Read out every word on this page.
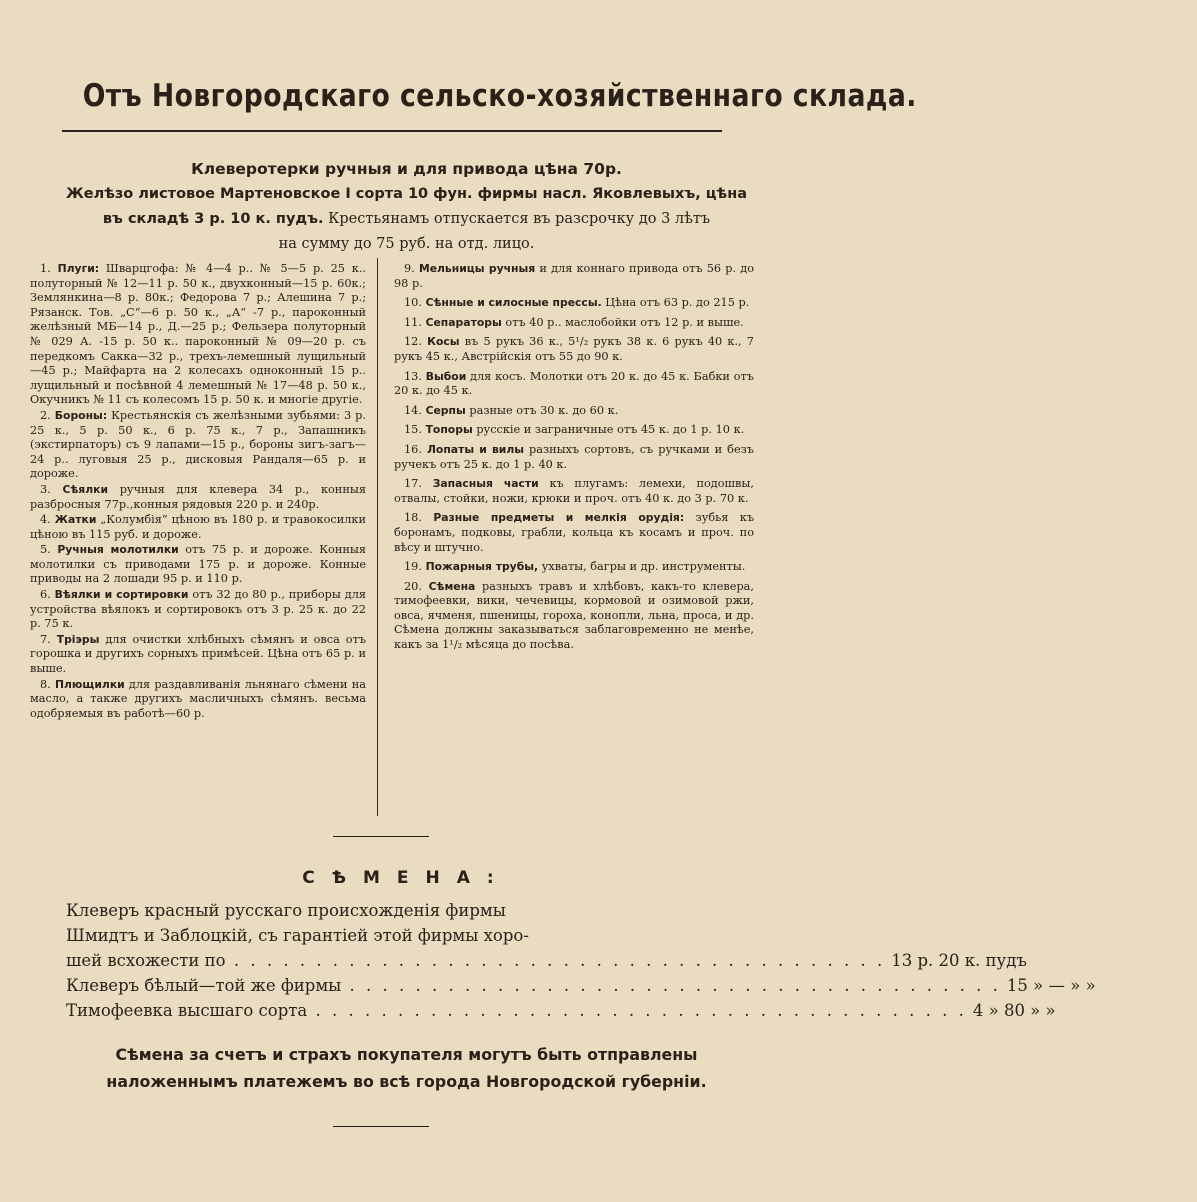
Отъ Новгородскаго сельско-хозяйственнаго склада.
Клеверотерки ручныя и для привода цѣна 70р.
Желѣзо листовое Мартеновское I сорта 10 фун. фирмы насл. Яковлевыхъ, цѣна
въ складѣ 3 р. 10 к. пудъ. Крестьянамъ отпускается въ разсрочку до 3 лѣтъ
на сумму до 75 руб. на отд. лицо.

1. Плуги: Шварцгофа: № 4—4 р.. № 5—5 р. 25 к.. полуторный № 12—11 р. 50 к., двухконный—15 р. 60к.; Землянкина—8 р. 80к.; Федорова 7 р.; Алешина 7 р.; Рязанск. Тов. „С“—6 р. 50 к., „А“ -7 р., пароконный желѣзный МБ—14 р., Д.—25 р.; Фельзера полуторный № 029 А. -15 р. 50 к.. пароконный № 09—20 р. съ передкомъ Сакка—32 р., трехъ-лемешный лущильный—45 р.; Майфарта на 2 колесахъ одноконный 15 р.. лущильный и посѣвной 4 лемешный № 17—48 р. 50 к., Окучникъ № 11 съ колесомъ 15 р. 50 к. и многіе другіе.

2. Бороны: Крестьянскія съ желѣзными зубьями: 3 р. 25 к., 5 р. 50 к., 6 р. 75 к., 7 р., Запашникъ (экстирпаторъ) съ 9 лапами—15 р., бороны зигъ-загъ—24 р.. луговыя 25 р., дисковыя Рандаля—65 р. и дороже.

3. Сѣялки ручныя для клевера 34 р., конныя разбросныя 77р.,конныя рядовыя 220 р. и 240р.

4. Жатки „Колумбія“ цѣною въ 180 р. и травокосилки цѣною въ 115 руб. и дороже.

5. Ручныя молотилки отъ 75 р. и дороже. Конныя молотилки съ приводами 175 р. и дороже. Конные приводы на 2 лошади 95 р. и 110 р.

6. Вѣялки и сортировки отъ 32 до 80 р., приборы для устройства вѣялокъ и сортировокъ отъ 3 р. 25 к. до 22 р. 75 к.

7. Тріэры для очистки хлѣбныхъ сѣмянъ и овса отъ горошка и другихъ сорныхъ примѣсей. Цѣна отъ 65 р. и выше.

8. Плющилки для раздавливанія льнянаго сѣмени на масло, а также другихъ масличныхъ сѣмянъ. весьма одобряемыя въ работѣ—60 р.

9. Мельницы ручныя и для коннаго привода отъ 56 р. до 98 р.

10. Сѣнные и силосные прессы. Цѣна отъ 63 р. до 215 р.

11. Сепараторы отъ 40 р.. маслобойки отъ 12 р. и выше.

12. Косы въ 5 рукъ 36 к., 5¹/₂ рукъ 38 к. 6 рукъ 40 к., 7 рукъ 45 к., Австрійскія отъ 55 до 90 к.

13. Выбои для косъ. Молотки отъ 20 к. до 45 к. Бабки отъ 20 к. до 45 к.

14. Серпы разные отъ 30 к. до 60 к.

15. Топоры русскіе и заграничные отъ 45 к. до 1 р. 10 к.

16. Лопаты и вилы разныхъ сортовъ, съ ручками и безъ ручекъ отъ 25 к. до 1 р. 40 к.

17. Запасныя части къ плугамъ: лемехи, подошвы, отвалы, стойки, ножи, крюки и проч. отъ 40 к. до 3 р. 70 к.

18. Разные предметы и мелкія орудія: зубья къ боронамъ, подковы, грабли, кольца къ косамъ и проч. по вѣсу и штучно.

19. Пожарныя трубы, ухваты, багры и др. инструменты.

20. Сѣмена разныхъ травъ и хлѣбовъ, какъ-то клевера, тимофеевки, вики, чечевицы, кормовой и озимовой ржи, овса, ячменя, пшеницы, гороха, конопли, льна, проса, и др. Сѣмена должны заказываться заблаговременно не менѣе, какъ за 1¹/₂ мѣсяца до посѣва.

СѢМЕНА:
Клеверъ красный русскаго происхожденія фирмы
Шмидтъ и Заблоцкій, съ гарантіей этой фирмы хоро-
шей всхожести по . . .	13 р. 20 к. пудъ
Клеверъ бѣлый—той же фирмы . . .	15 » — » »
Тимофеевка высшаго сорта . . .	4 » 80 » »
Сѣмена за счетъ и страхъ покупателя могутъ быть отправлены наложеннымъ платежемъ во всѣ города Новгородской губерніи.
